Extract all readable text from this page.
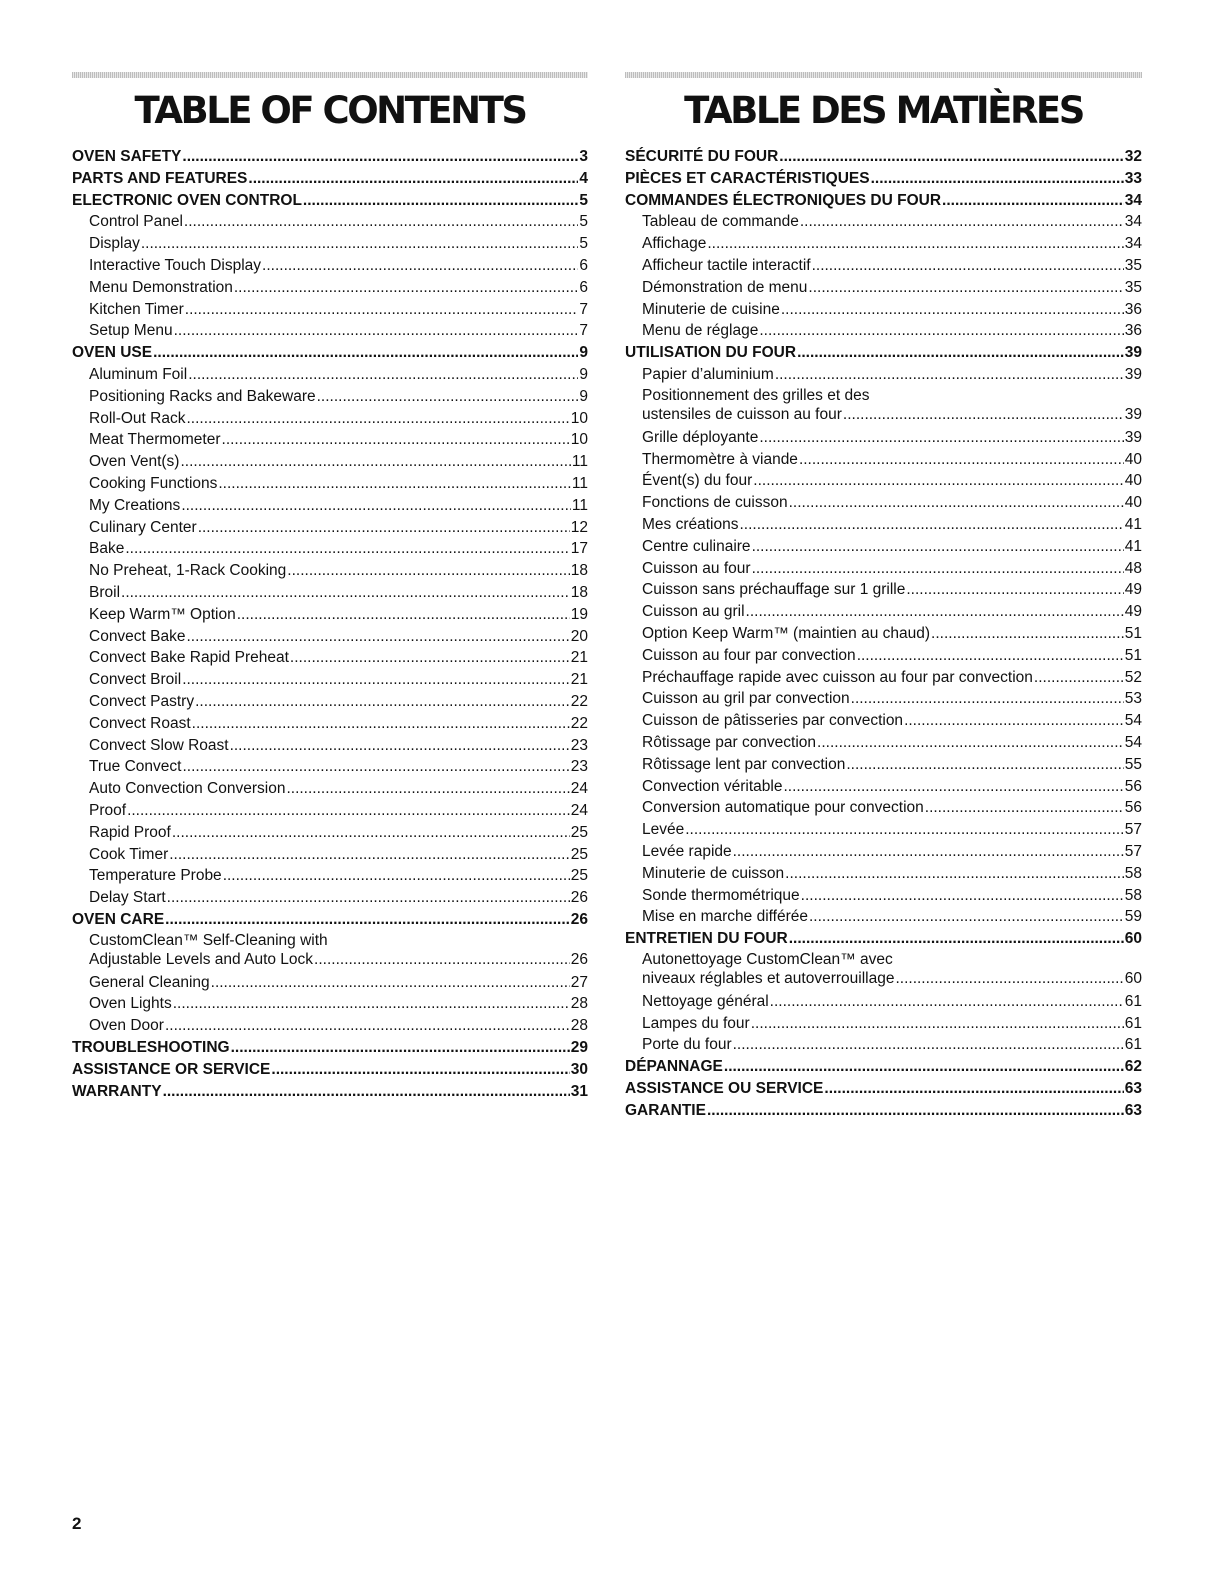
TABLE OF CONTENTS
OVEN SAFETY .....	3
PARTS AND FEATURES .....	4
ELECTRONIC OVEN CONTROL .....	5
Control Panel .....	5
Display .....	5
Interactive Touch Display .....	6
Menu Demonstration .....	6
Kitchen Timer .....	7
Setup Menu .....	7
OVEN USE .....	9
Aluminum Foil .....	9
Positioning Racks and Bakeware .....	9
Roll-Out Rack .....	10
Meat Thermometer .....	10
Oven Vent(s) .....	11
Cooking Functions .....	11
My Creations .....	11
Culinary Center .....	12
Bake .....	17
No Preheat, 1-Rack Cooking .....	18
Broil .....	18
Keep Warm™ Option .....	19
Convect Bake .....	20
Convect Bake Rapid Preheat .....	21
Convect Broil .....	21
Convect Pastry .....	22
Convect Roast .....	22
Convect Slow Roast .....	23
True Convect .....	23
Auto Convection Conversion .....	24
Proof .....	24
Rapid Proof .....	25
Cook Timer .....	25
Temperature Probe .....	25
Delay Start .....	26
OVEN CARE .....	26
CustomClean™ Self-Cleaning with
Adjustable Levels and Auto Lock .....	26
General Cleaning .....	27
Oven Lights .....	28
Oven Door .....	28
TROUBLESHOOTING .....	29
ASSISTANCE OR SERVICE .....	30
WARRANTY .....	31
TABLE DES MATIÈRES
SÉCURITÉ DU FOUR .....	32
PIÈCES ET CARACTÉRISTIQUES .....	33
COMMANDES ÉLECTRONIQUES DU FOUR .....	34
Tableau de commande .....	34
Affichage .....	34
Afficheur tactile interactif .....	35
Démonstration de menu .....	35
Minuterie de cuisine .....	36
Menu de réglage .....	36
UTILISATION DU FOUR .....	39
Papier d’aluminium .....	39
Positionnement des grilles et des
ustensiles de cuisson au four .....	39
Grille déployante .....	39
Thermomètre à viande .....	40
Évent(s) du four .....	40
Fonctions de cuisson .....	40
Mes créations .....	41
Centre culinaire .....	41
Cuisson au four .....	48
Cuisson sans préchauffage sur 1 grille .....	49
Cuisson au gril .....	49
Option Keep Warm™ (maintien au chaud) .....	51
Cuisson au four par convection .....	51
Préchauffage rapide avec cuisson au four par convection .....	52
Cuisson au gril par convection .....	53
Cuisson de pâtisseries par convection .....	54
Rôtissage par convection .....	54
Rôtissage lent par convection .....	55
Convection véritable .....	56
Conversion automatique pour convection .....	56
Levée .....	57
Levée rapide .....	57
Minuterie de cuisson .....	58
Sonde thermométrique .....	58
Mise en marche différée .....	59
ENTRETIEN DU FOUR .....	60
Autonettoyage CustomClean™ avec
niveaux réglables et autoverrouillage .....	60
Nettoyage général .....	61
Lampes du four .....	61
Porte du four .....	61
DÉPANNAGE .....	62
ASSISTANCE OU SERVICE .....	63
GARANTIE .....	63
2
